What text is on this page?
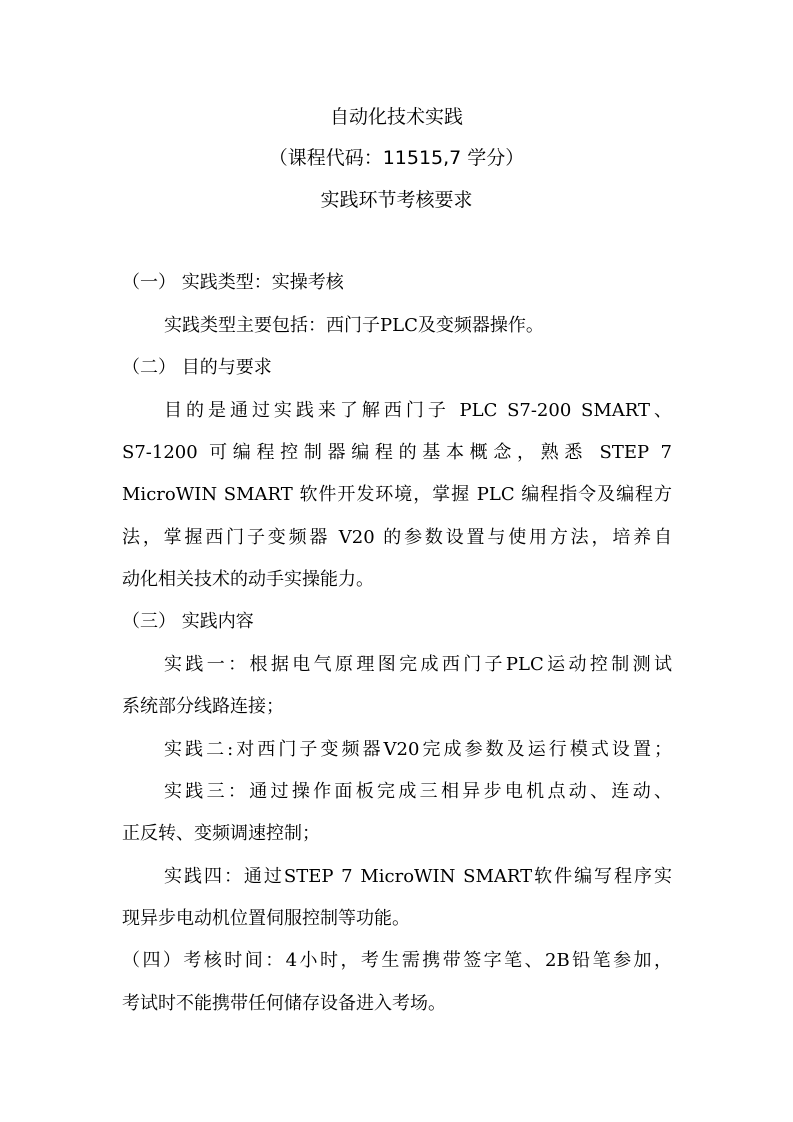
自动化技术实践
（课程代码：11515,7 学分）
实践环节考核要求
（一） 实践类型：实操考核
实践类型主要包括：西门子PLC及变频器操作。
（二） 目的与要求
目的是通过实践来了解西门子 PLC S7-200 SMART、
S7-1200 可编程控制器编程的基本概念，熟悉 STEP 7
MicroWIN SMART 软件开发环境，掌握 PLC 编程指令及编程方
法，掌握西门子变频器 V20 的参数设置与使用方法，培养自
动化相关技术的动手实操能力。
（三） 实践内容
实践一：根据电气原理图完成西门子PLC运动控制测试
系统部分线路连接；
实践二:对西门子变频器V20完成参数及运行模式设置；
实践三：通过操作面板完成三相异步电机点动、连动、
正反转、变频调速控制；
实践四：通过STEP 7 MicroWIN SMART软件编写程序实
现异步电动机位置伺服控制等功能。
（四）考核时间：4小时，考生需携带签字笔、2B铅笔参加，
考试时不能携带任何储存设备进入考场。
